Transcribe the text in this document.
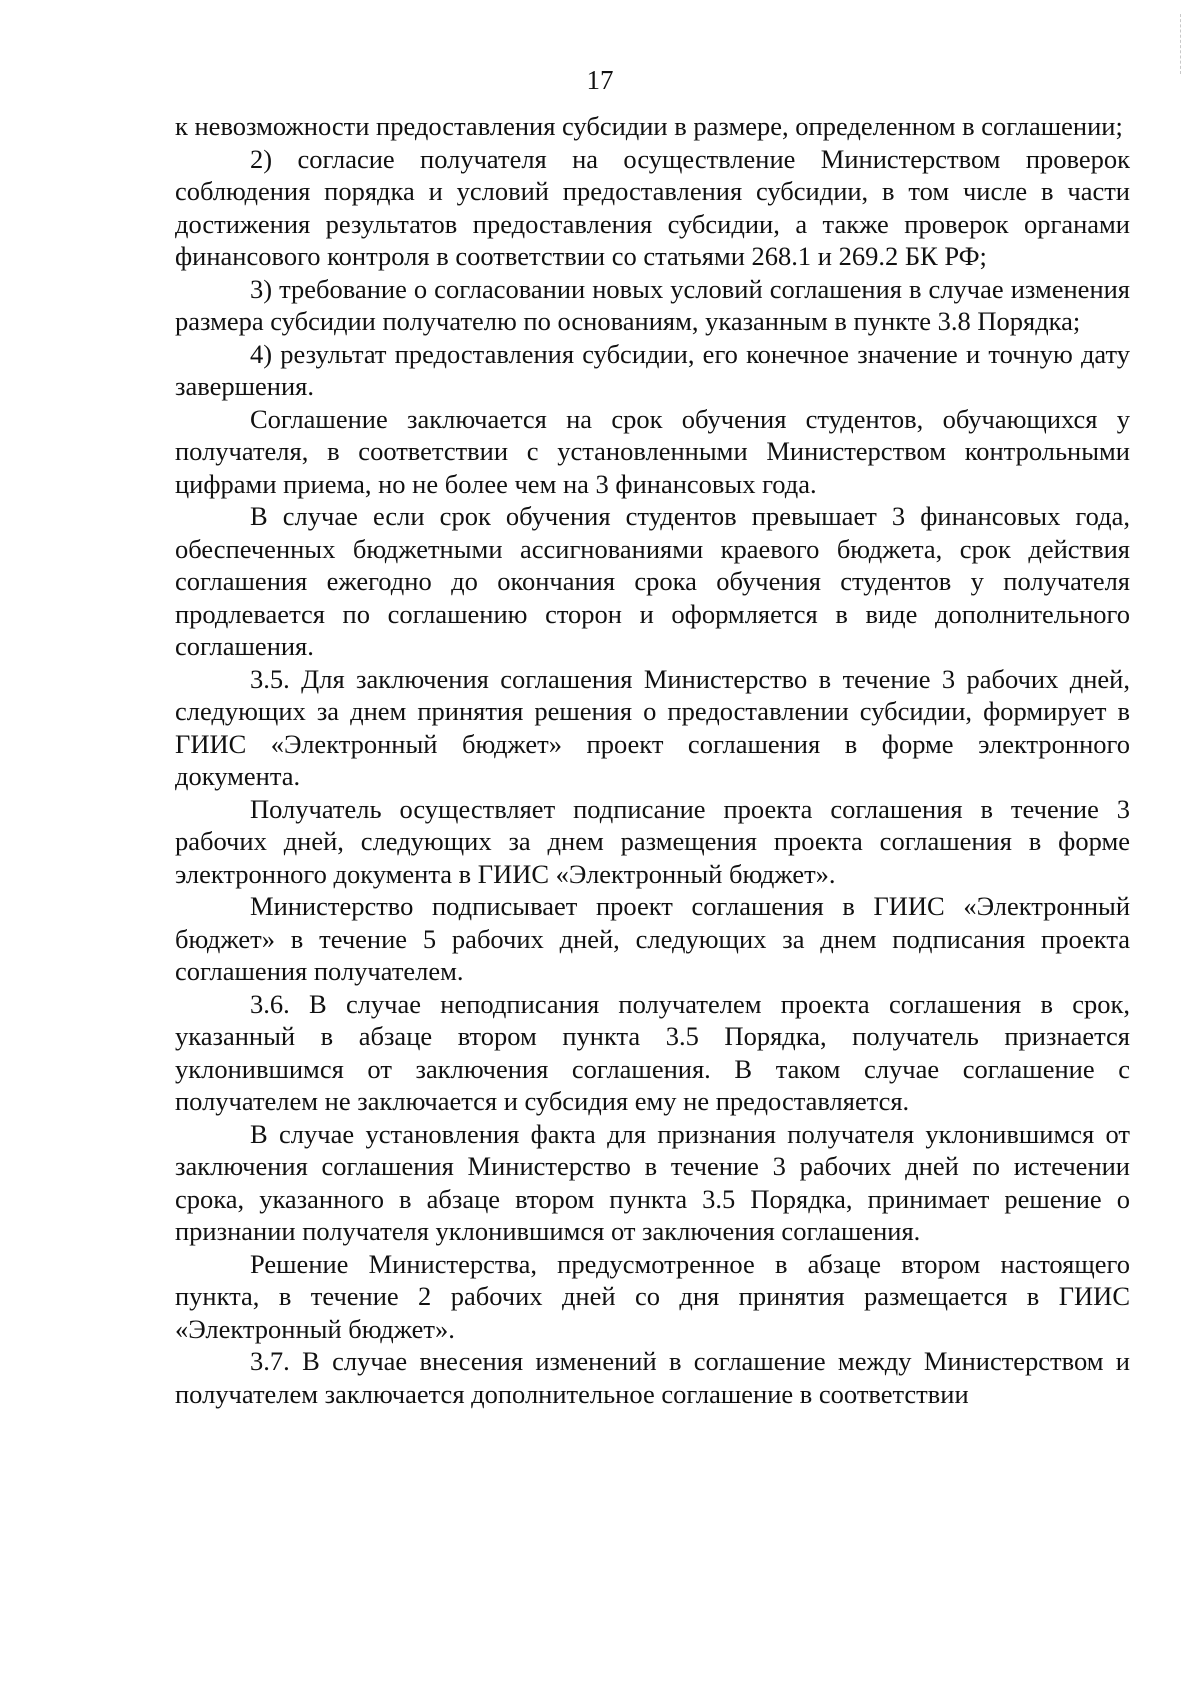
17

к невозможности предоставления субсидии в размере, определенном в соглашении;

2) согласие получателя на осуществление Министерством проверок соблюдения порядка и условий предоставления субсидии, в том числе в части достижения результатов предоставления субсидии, а также проверок органами финансового контроля в соответствии со статьями 268.1 и 269.2 БК РФ;

3) требование о согласовании новых условий соглашения в случае изменения размера субсидии получателю по основаниям, указанным в пункте 3.8 Порядка;

4) результат предоставления субсидии, его конечное значение и точную дату завершения.

Соглашение заключается на срок обучения студентов, обучающихся у получателя, в соответствии с установленными Министерством контрольными цифрами приема, но не более чем на 3 финансовых года.

В случае если срок обучения студентов превышает 3 финансовых года, обеспеченных бюджетными ассигнованиями краевого бюджета, срок действия соглашения ежегодно до окончания срока обучения студентов у получателя продлевается по соглашению сторон и оформляется в виде дополнительного соглашения.

3.5. Для заключения соглашения Министерство в течение 3 рабочих дней, следующих за днем принятия решения о предоставлении субсидии, формирует в ГИИС «Электронный бюджет» проект соглашения в форме электронного документа.

Получатель осуществляет подписание проекта соглашения в течение 3 рабочих дней, следующих за днем размещения проекта соглашения в форме электронного документа в ГИИС «Электронный бюджет».

Министерство подписывает проект соглашения в ГИИС «Электронный бюджет» в течение 5 рабочих дней, следующих за днем подписания проекта соглашения получателем.

3.6. В случае неподписания получателем проекта соглашения в срок, указанный в абзаце втором пункта 3.5 Порядка, получатель признается уклонившимся от заключения соглашения. В таком случае соглашение с получателем не заключается и субсидия ему не предоставляется.

В случае установления факта для признания получателя уклонившимся от заключения соглашения Министерство в течение 3 рабочих дней по истечении срока, указанного в абзаце втором пункта 3.5 Порядка, принимает решение о признании получателя уклонившимся от заключения соглашения.

Решение Министерства, предусмотренное в абзаце втором настоящего пункта, в течение 2 рабочих дней со дня принятия размещается в ГИИС «Электронный бюджет».

3.7. В случае внесения изменений в соглашение между Министерством и получателем заключается дополнительное соглашение в соответствии
